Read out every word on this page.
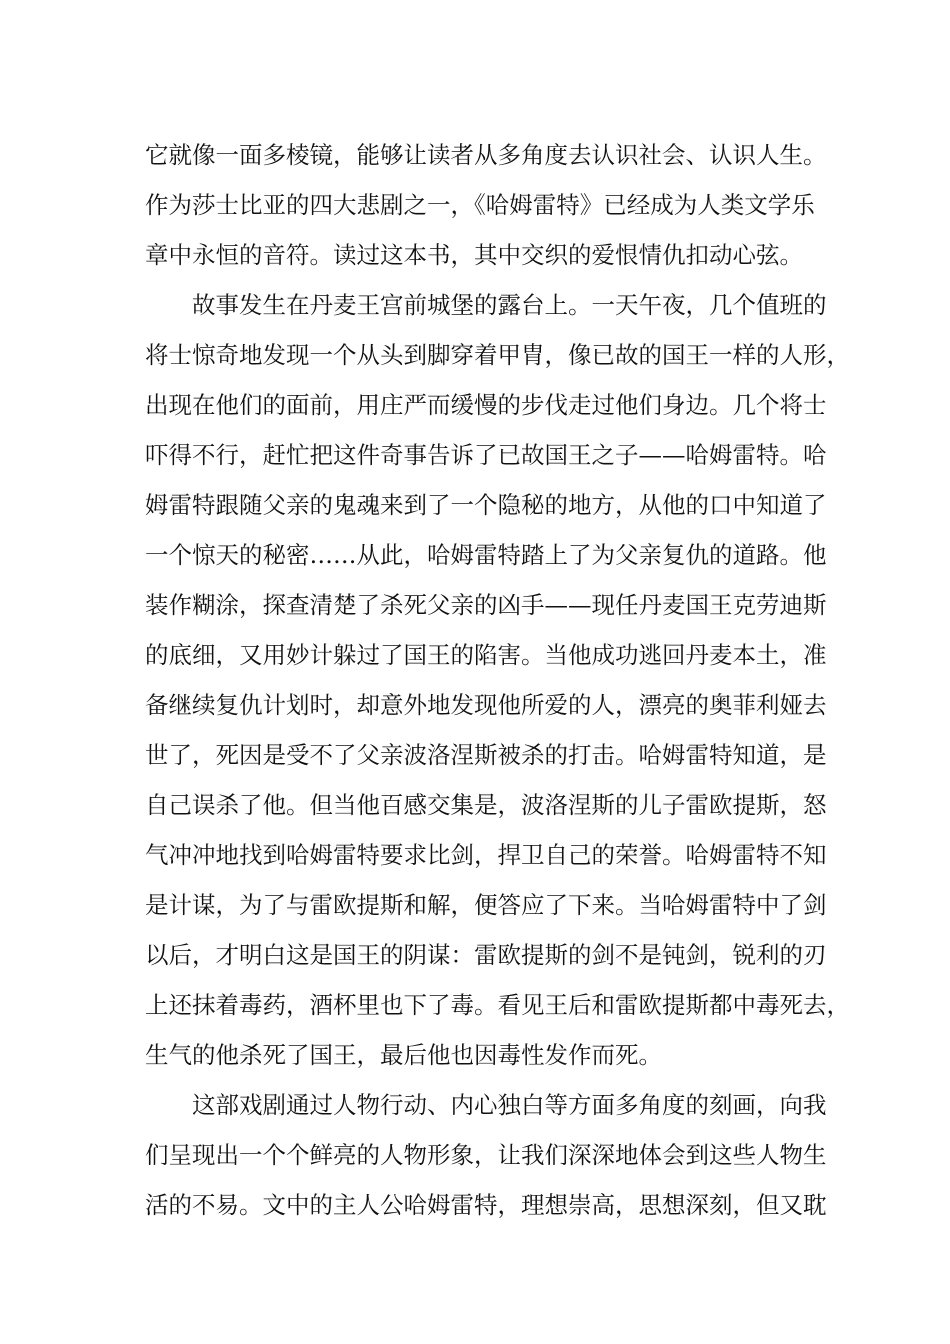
它就像一面多棱镜，能够让读者从多角度去认识社会、认识人生。
作为莎士比亚的四大悲剧之一，《哈姆雷特》已经成为人类文学乐
章中永恒的音符。读过这本书，其中交织的爱恨情仇扣动心弦。
故事发生在丹麦王宫前城堡的露台上。一天午夜，几个值班的
将士惊奇地发现一个从头到脚穿着甲胄，像已故的国王一样的人形，
出现在他们的面前，用庄严而缓慢的步伐走过他们身边。几个将士
吓得不行，赶忙把这件奇事告诉了已故国王之子——哈姆雷特。哈
姆雷特跟随父亲的鬼魂来到了一个隐秘的地方，从他的口中知道了
一个惊天的秘密……从此，哈姆雷特踏上了为父亲复仇的道路。他
装作糊涂，探查清楚了杀死父亲的凶手——现任丹麦国王克劳迪斯
的底细，又用妙计躲过了国王的陷害。当他成功逃回丹麦本土，准
备继续复仇计划时，却意外地发现他所爱的人，漂亮的奥菲利娅去
世了，死因是受不了父亲波洛涅斯被杀的打击。哈姆雷特知道，是
自己误杀了他。但当他百感交集是，波洛涅斯的儿子雷欧提斯，怒
气冲冲地找到哈姆雷特要求比剑，捍卫自己的荣誉。哈姆雷特不知
是计谋，为了与雷欧提斯和解，便答应了下来。当哈姆雷特中了剑
以后，才明白这是国王的阴谋：雷欧提斯的剑不是钝剑，锐利的刃
上还抹着毒药，酒杯里也下了毒。看见王后和雷欧提斯都中毒死去，
生气的他杀死了国王，最后他也因毒性发作而死。
这部戏剧通过人物行动、内心独白等方面多角度的刻画，向我
们呈现出一个个鲜亮的人物形象，让我们深深地体会到这些人物生
活的不易。文中的主人公哈姆雷特，理想崇高，思想深刻，但又耽
